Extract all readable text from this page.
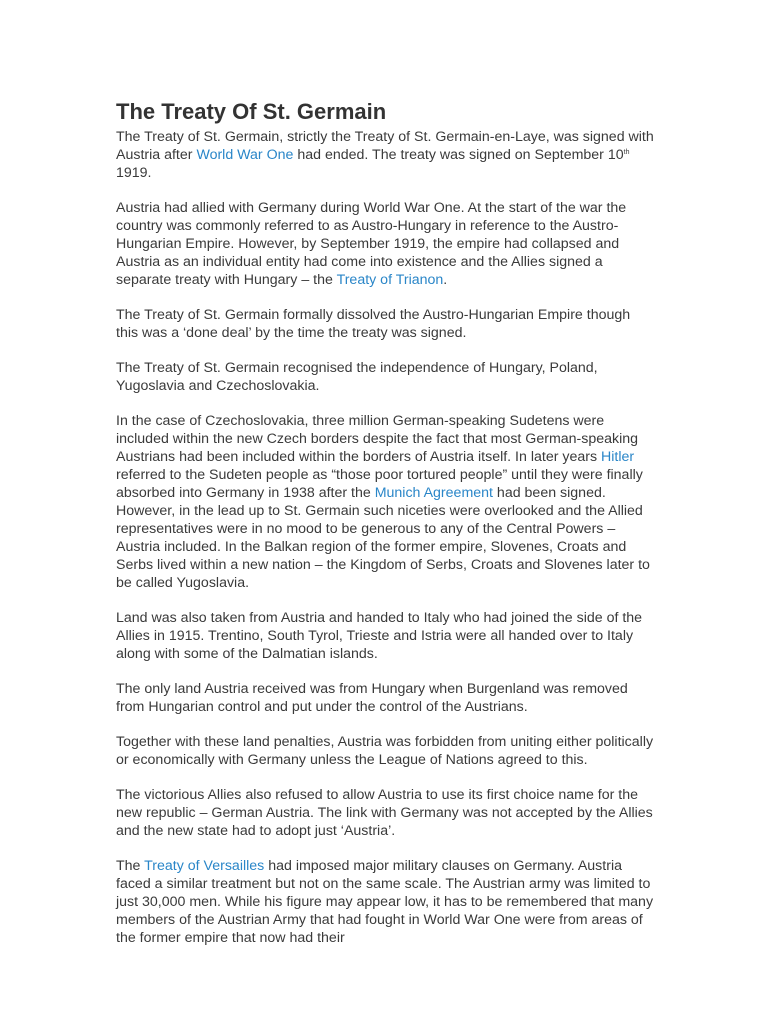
The Treaty Of St. Germain

The Treaty of St. Germain, strictly the Treaty of St. Germain-en-Laye, was signed with Austria after World War One had ended. The treaty was signed on September 10th 1919.

Austria had allied with Germany during World War One. At the start of the war the country was commonly referred to as Austro-Hungary in reference to the Austro-Hungarian Empire. However, by September 1919, the empire had collapsed and Austria as an individual entity had come into existence and the Allies signed a separate treaty with Hungary – the Treaty of Trianon.

The Treaty of St. Germain formally dissolved the Austro-Hungarian Empire though this was a ‘done deal’ by the time the treaty was signed.

The Treaty of St. Germain recognised the independence of Hungary, Poland, Yugoslavia and Czechoslovakia.

In the case of Czechoslovakia, three million German-speaking Sudetens were included within the new Czech borders despite the fact that most German-speaking Austrians had been included within the borders of Austria itself. In later years Hitler referred to the Sudeten people as “those poor tortured people” until they were finally absorbed into Germany in 1938 after the Munich Agreement had been signed. However, in the lead up to St. Germain such niceties were overlooked and the Allied representatives were in no mood to be generous to any of the Central Powers – Austria included. In the Balkan region of the former empire, Slovenes, Croats and Serbs lived within a new nation – the Kingdom of Serbs, Croats and Slovenes later to be called Yugoslavia.

Land was also taken from Austria and handed to Italy who had joined the side of the Allies in 1915. Trentino, South Tyrol, Trieste and Istria were all handed over to Italy along with some of the Dalmatian islands.

The only land Austria received was from Hungary when Burgenland was removed from Hungarian control and put under the control of the Austrians.

Together with these land penalties, Austria was forbidden from uniting either politically or economically with Germany unless the League of Nations agreed to this.

The victorious Allies also refused to allow Austria to use its first choice name for the new republic – German Austria. The link with Germany was not accepted by the Allies and the new state had to adopt just ‘Austria’.

The Treaty of Versailles had imposed major military clauses on Germany. Austria faced a similar treatment but not on the same scale. The Austrian army was limited to just 30,000 men. While his figure may appear low, it has to be remembered that many members of the Austrian Army that had fought in World War One were from areas of the former empire that now had their
